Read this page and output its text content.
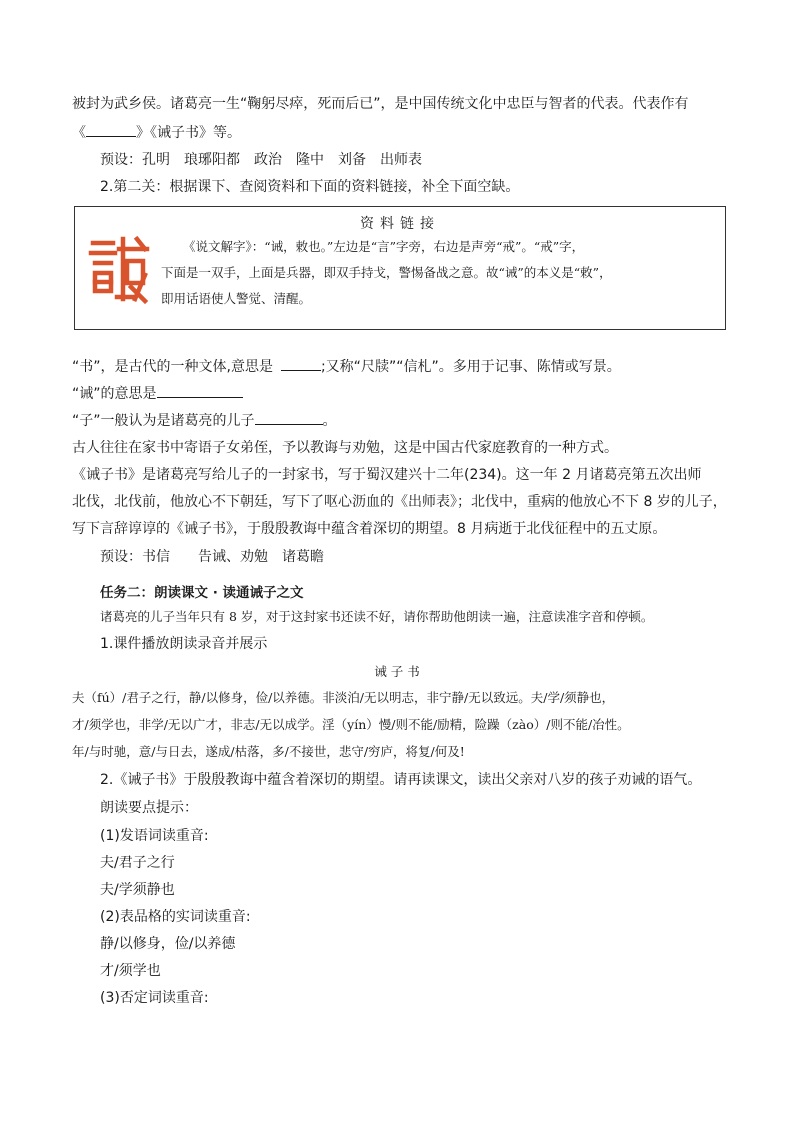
被封为武乡侯。诸葛亮一生“鞠躬尽瘁，死而后已”，是中国传统文化中忠臣与智者的代表。代表作有
《	》《诫子书》等。
预设：孔明　琅琊阳都　政治　隆中　刘备　出师表
2.第二关：根据课下、查阅资料和下面的资料链接，补全下面空缺。
资料链接
《说文解字》：“诫，敕也。”左边是“言”字旁，右边是声旁“戒”。“戒”字，
下面是一双手，上面是兵器，即双手持戈，警惕备战之意。故“诫”的本义是“敕”，
即用话语使人警觉、清醒。
“书”，是古代的一种文体,意思是	;又称“尺牍”“信札”。多用于记事、陈情或写景。
“诫”的意思是
“子”一般认为是诸葛亮的儿子	。
古人往往在家书中寄语子女弟侄，予以教诲与劝勉，这是中国古代家庭教育的一种方式。
《诫子书》是诸葛亮写给儿子的一封家书，写于蜀汉建兴十二年(234)。这一年 2 月诸葛亮第五次出师
北伐，北伐前，他放心不下朝廷，写下了呕心沥血的《出师表》；北伐中，重病的他放心不下 8 岁的儿子，
写下言辞谆谆的《诫子书》，于殷殷教诲中蕴含着深切的期望。8 月病逝于北伐征程中的五丈原。
预设：书信　　告诫、劝勉　诸葛瞻
任务二：朗读课文 · 读通诫子之文
诸葛亮的儿子当年只有 8 岁，对于这封家书还读不好，请你帮助他朗读一遍，注意读准字音和停顿。
1.课件播放朗读录音并展示
诫 子 书
夫（fú）/君子之行，静/以修身，俭/以养德。非淡泊/无以明志，非宁静/无以致远。夫/学/须静也，
才/须学也，非学/无以广才，非志/无以成学。淫（yín）慢/则不能/励精，险躁（zào）/则不能/冶性。
年/与时驰，意/与日去，遂成/枯落，多/不接世，悲守/穷庐，将复/何及!
2.《诫子书》于殷殷教诲中蕴含着深切的期望。请再读课文，读出父亲对八岁的孩子劝诫的语气。
朗读要点提示：
(1)发语词读重音:
夫/君子之行
夫/学须静也
(2)表品格的实词读重音:
静/以修身，俭/以养德
才/须学也
(3)否定词读重音:
